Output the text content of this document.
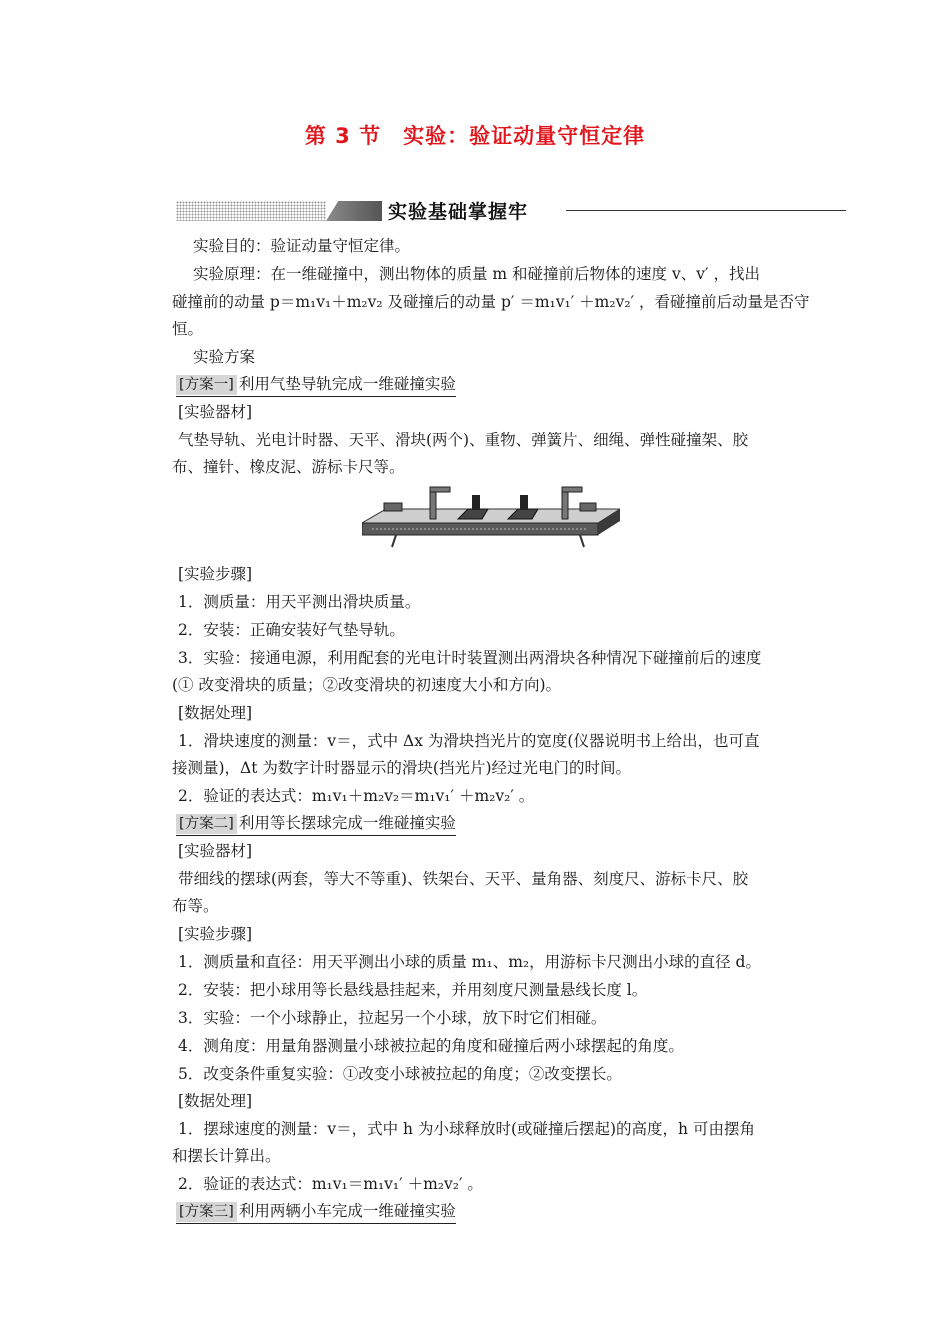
第 3 节　实验：验证动量守恒定律
实验基础掌握牢
实验目的：验证动量守恒定律。
实验原理：在一维碰撞中，测出物体的质量 m 和碰撞前后物体的速度 v、v′ ，找出
碰撞前的动量 p＝m₁v₁＋m₂v₂ 及碰撞后的动量 p′ ＝m₁v₁′ ＋m₂v₂′ ，看碰撞前后动量是否守
恒。
实验方案
[方案一] 利用气垫导轨完成一维碰撞实验
[实验器材]
气垫导轨、光电计时器、天平、滑块(两个)、重物、弹簧片、细绳、弹性碰撞架、胶
布、撞针、橡皮泥、游标卡尺等。
[实验步骤]
1．测质量：用天平测出滑块质量。
2．安装：正确安装好气垫导轨。
3．实验：接通电源，利用配套的光电计时装置测出两滑块各种情况下碰撞前后的速度
(① 改变滑块的质量；②改变滑块的初速度大小和方向)。
[数据处理]
1．滑块速度的测量：v＝，式中 Δx 为滑块挡光片的宽度(仪器说明书上给出，也可直
接测量)，Δt 为数字计时器显示的滑块(挡光片)经过光电门的时间。
2．验证的表达式：m₁v₁＋m₂v₂＝m₁v₁′ ＋m₂v₂′ 。
[方案二] 利用等长摆球完成一维碰撞实验
[实验器材]
带细线的摆球(两套，等大不等重)、铁架台、天平、量角器、刻度尺、游标卡尺、胶
布等。
[实验步骤]
1．测质量和直径：用天平测出小球的质量 m₁、m₂，用游标卡尺测出小球的直径 d。
2．安装：把小球用等长悬线悬挂起来，并用刻度尺测量悬线长度 l。
3．实验：一个小球静止，拉起另一个小球，放下时它们相碰。
4．测角度：用量角器测量小球被拉起的角度和碰撞后两小球摆起的角度。
5．改变条件重复实验：①改变小球被拉起的角度；②改变摆长。
[数据处理]
1．摆球速度的测量：v＝，式中 h 为小球释放时(或碰撞后摆起)的高度，h 可由摆角
和摆长计算出。
2．验证的表达式：m₁v₁＝m₁v₁′ ＋m₂v₂′ 。
[方案三] 利用两辆小车完成一维碰撞实验
